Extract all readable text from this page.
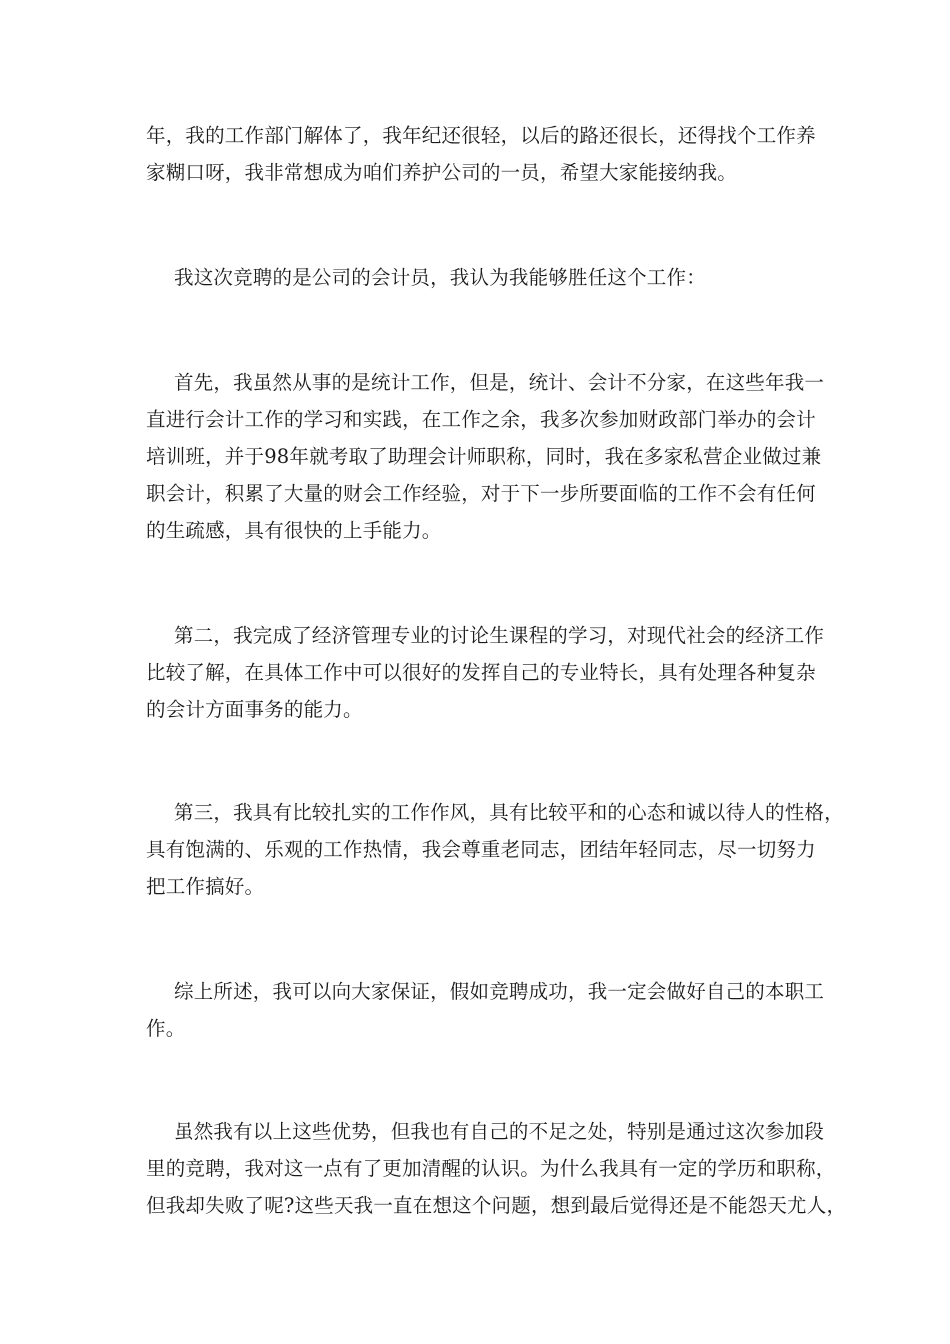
年，我的工作部门解体了，我年纪还很轻，以后的路还很长，还得找个工作养
家糊口呀，我非常想成为咱们养护公司的一员，希望大家能接纳我。
我这次竞聘的是公司的会计员，我认为我能够胜任这个工作：
首先，我虽然从事的是统计工作，但是，统计、会计不分家，在这些年我一
直进行会计工作的学习和实践，在工作之余，我多次参加财政部门举办的会计
培训班，并于98年就考取了助理会计师职称，同时，我在多家私营企业做过兼
职会计，积累了大量的财会工作经验，对于下一步所要面临的工作不会有任何
的生疏感，具有很快的上手能力。
第二，我完成了经济管理专业的讨论生课程的学习，对现代社会的经济工作
比较了解，在具体工作中可以很好的发挥自己的专业特长，具有处理各种复杂
的会计方面事务的能力。
第三，我具有比较扎实的工作作风，具有比较平和的心态和诚以待人的性格，
具有饱满的、乐观的工作热情，我会尊重老同志，团结年轻同志，尽一切努力
把工作搞好。
综上所述，我可以向大家保证，假如竞聘成功，我一定会做好自己的本职工
作。
虽然我有以上这些优势，但我也有自己的不足之处，特别是通过这次参加段
里的竞聘，我对这一点有了更加清醒的认识。为什么我具有一定的学历和职称，
但我却失败了呢?这些天我一直在想这个问题，想到最后觉得还是不能怨天尤人，
